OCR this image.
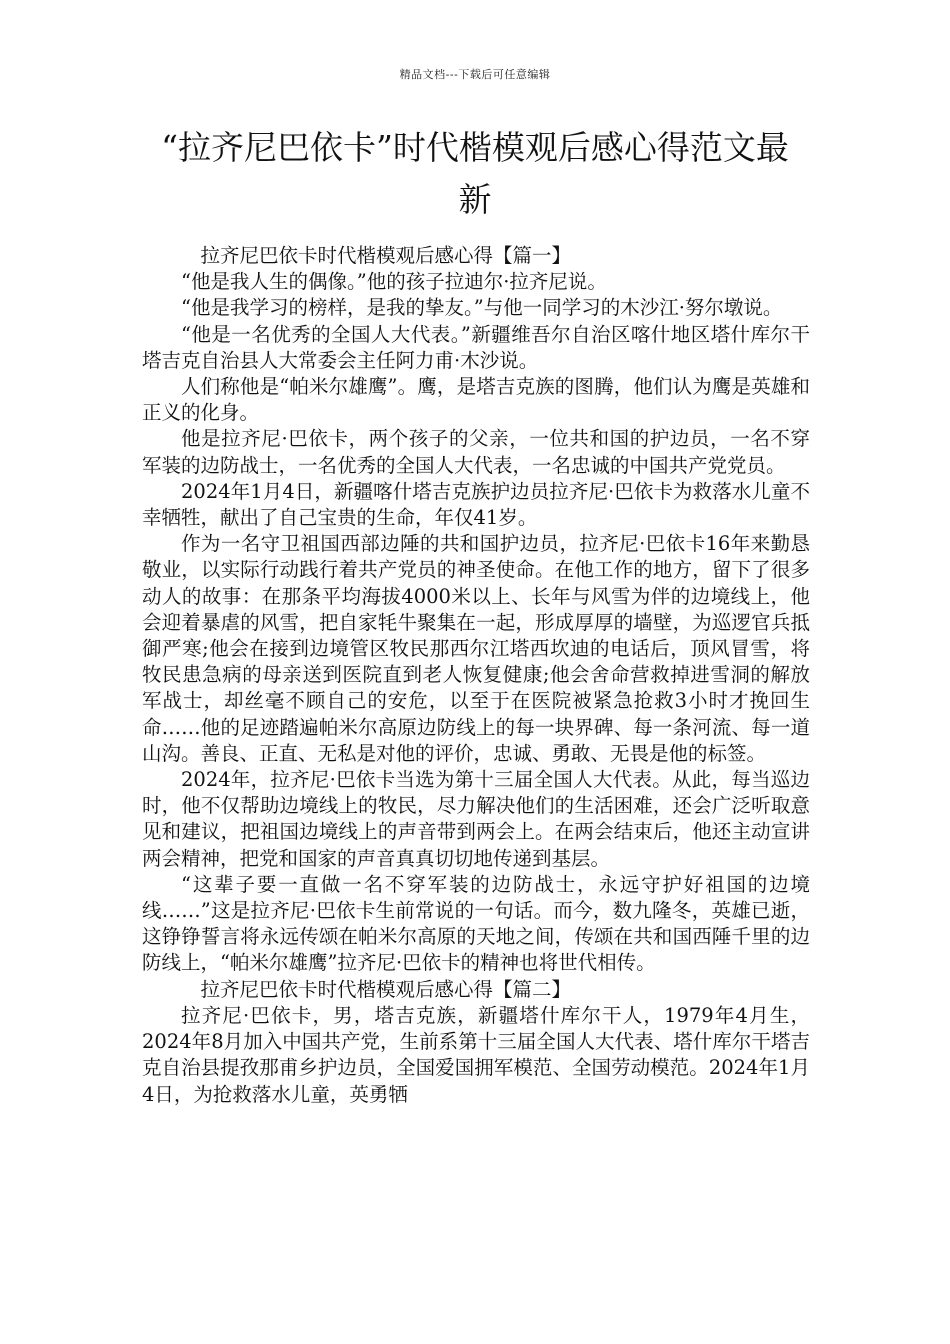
精品文档---下载后可任意编辑
“拉齐尼巴依卡”时代楷模观后感心得范文最新

拉齐尼巴依卡时代楷模观后感心得【篇一】

“他是我人生的偶像。”他的孩子拉迪尔·拉齐尼说。

“他是我学习的榜样，是我的挚友。”与他一同学习的木沙江·努尔墩说。

“他是一名优秀的全国人大代表。”新疆维吾尔自治区喀什地区塔什库尔干塔吉克自治县人大常委会主任阿力甫·木沙说。

人们称他是“帕米尔雄鹰”。鹰，是塔吉克族的图腾，他们认为鹰是英雄和正义的化身。

他是拉齐尼·巴依卡，两个孩子的父亲，一位共和国的护边员，一名不穿军装的边防战士，一名优秀的全国人大代表，一名忠诚的中国共产党党员。

2024年1月4日，新疆喀什塔吉克族护边员拉齐尼·巴依卡为救落水儿童不幸牺牲，献出了自己宝贵的生命，年仅41岁。

作为一名守卫祖国西部边陲的共和国护边员，拉齐尼·巴依卡16年来勤恳敬业，以实际行动践行着共产党员的神圣使命。在他工作的地方，留下了很多动人的故事：在那条平均海拔4000米以上、长年与风雪为伴的边境线上，他会迎着暴虐的风雪，把自家牦牛聚集在一起，形成厚厚的墙壁，为巡逻官兵抵御严寒;他会在接到边境管区牧民那西尔江塔西坎迪的电话后，顶风冒雪，将牧民患急病的母亲送到医院直到老人恢复健康;他会舍命营救掉进雪洞的解放军战士，却丝毫不顾自己的安危，以至于在医院被紧急抢救3小时才挽回生命……他的足迹踏遍帕米尔高原边防线上的每一块界碑、每一条河流、每一道山沟。善良、正直、无私是对他的评价，忠诚、勇敢、无畏是他的标签。

2024年，拉齐尼·巴依卡当选为第十三届全国人大代表。从此，每当巡边时，他不仅帮助边境线上的牧民，尽力解决他们的生活困难，还会广泛听取意见和建议，把祖国边境线上的声音带到两会上。在两会结束后，他还主动宣讲两会精神，把党和国家的声音真真切切地传递到基层。

“这辈子要一直做一名不穿军装的边防战士，永远守护好祖国的边境线……”这是拉齐尼·巴依卡生前常说的一句话。而今，数九隆冬，英雄已逝，这铮铮誓言将永远传颂在帕米尔高原的天地之间，传颂在共和国西陲千里的边防线上，“帕米尔雄鹰”拉齐尼·巴依卡的精神也将世代相传。

拉齐尼巴依卡时代楷模观后感心得【篇二】

拉齐尼·巴依卡，男，塔吉克族，新疆塔什库尔干人，1979年4月生，2024年8月加入中国共产党，生前系第十三届全国人大代表、塔什库尔干塔吉克自治县提孜那甫乡护边员，全国爱国拥军模范、全国劳动模范。2024年1月4日，为抢救落水儿童，英勇牺
